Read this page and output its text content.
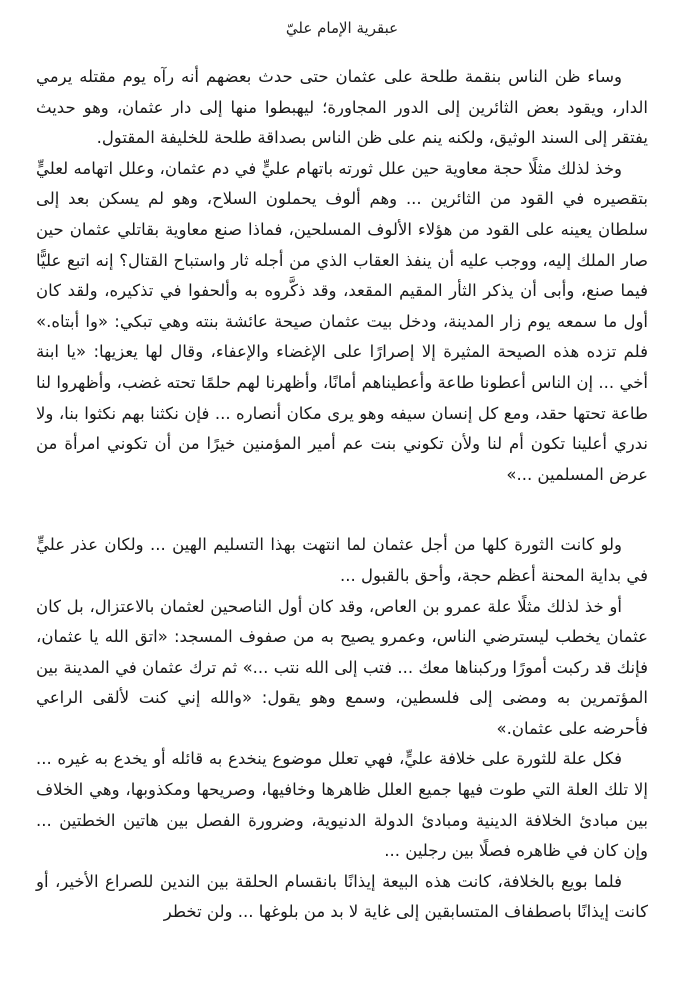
عبقرية الإمام عليّ

وساء ظن الناس بنقمة طلحة على عثمان حتى حدث بعضهم أنه رآه يوم مقتله يرمي الدار، ويقود بعض الثائرين إلى الدور المجاورة؛ ليهبطوا منها إلى دار عثمان، وهو حديث يفتقر إلى السند الوثيق، ولكنه ينم على ظن الناس بصداقة طلحة للخليفة المقتول.

وخذ لذلك مثلًا حجة معاوية حين علل ثورته باتهام عليٍّ في دم عثمان، وعلل اتهامه لعليٍّ بتقصيره في القود من الثائرين ... وهم ألوف يحملون السلاح، وهو لم يسكن بعد إلى سلطان يعينه على القود من هؤلاء الألوف المسلحين، فماذا صنع معاوية بقاتلي عثمان حين صار الملك إليه، ووجب عليه أن ينفذ العقاب الذي من أجله ثار واستباح القتال؟ إنه اتبع عليًّا فيما صنع، وأبى أن يذكر الثأر المقيم المقعد، وقد ذكَّروه به وألحفوا في تذكيره، ولقد كان أول ما سمعه يوم زار المدينة، ودخل بيت عثمان صيحة عائشة بنته وهي تبكي: «وا أبتاه.» فلم تزده هذه الصيحة المثيرة إلا إصرارًا على الإغضاء والإعفاء، وقال لها يعزيها: «يا ابنة أخي ... إن الناس أعطونا طاعة وأعطيناهم أمانًا، وأظهرنا لهم حلمًا تحته غضب، وأظهروا لنا طاعة تحتها حقد، ومع كل إنسان سيفه وهو يرى مكان أنصاره ... فإن نكثنا بهم نكثوا بنا، ولا ندري أعلينا تكون أم لنا ولأن تكوني بنت عم أمير المؤمنين خيرًا من أن تكوني امرأة من عرض المسلمين ...»

ولو كانت الثورة كلها من أجل عثمان لما انتهت بهذا التسليم الهين ... ولكان عذر عليٍّ في بداية المحنة أعظم حجة، وأحق بالقبول ...

أو خذ لذلك مثلًا علة عمرو بن العاص، وقد كان أول الناصحين لعثمان بالاعتزال، بل كان عثمان يخطب ليسترضي الناس، وعمرو يصيح به من صفوف المسجد: «اتق الله يا عثمان، فإنك قد ركبت أمورًا وركبناها معك ... فتب إلى الله نتب ...» ثم ترك عثمان في المدينة بين المؤتمرين به ومضى إلى فلسطين، وسمع وهو يقول: «والله إني كنت لألقى الراعي فأحرضه على عثمان.»

فكل علة للثورة على خلافة عليٍّ، فهي تعلل موضوع ينخدع به قائله أو يخدع به غيره ... إلا تلك العلة التي طوت فيها جميع العلل ظاهرها وخافيها، وصريحها ومكذوبها، وهي الخلاف بين مبادئ الخلافة الدينية ومبادئ الدولة الدنيوية، وضرورة الفصل بين هاتين الخطتين ... وإن كان في ظاهره فصلًا بين رجلين ...

فلما بويع بالخلافة، كانت هذه البيعة إيذانًا بانقسام الحلقة بين الندين للصراع الأخير، أو كانت إيذانًا باصطفاف المتسابقين إلى غاية لا بد من بلوغها ... ولن تخطر
